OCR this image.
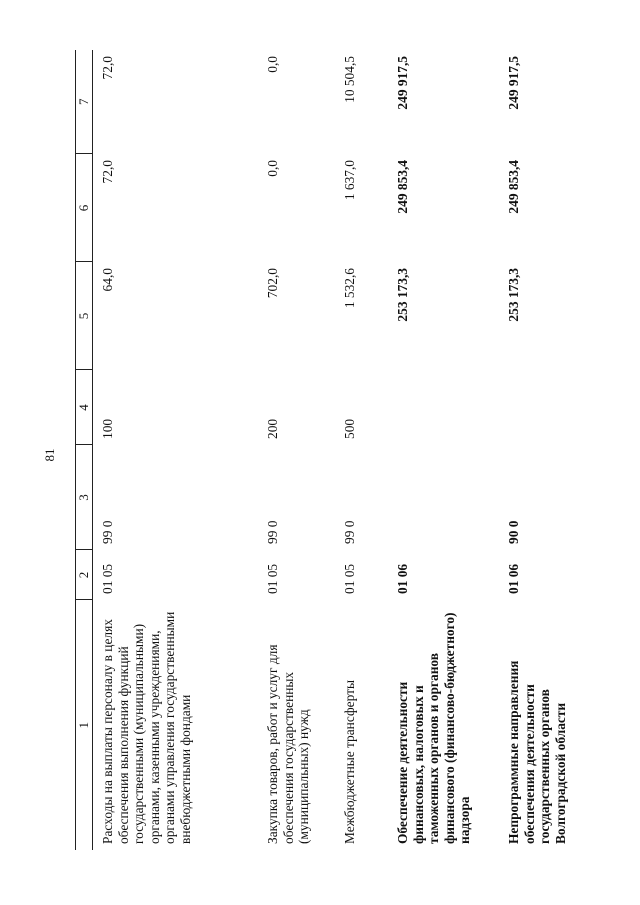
81
1	2	3	4	5	6	7
Расходы на выплаты персоналу в целях обеспечения выполнения функций государственными (муниципальными) органами, казенными учреждениями, органами управления государственными внебюджетными фондами	01 05	99 0	100	64,0	72,0	72,0
Закупка товаров, работ и услуг для обеспечения государственных (муниципальных) нужд	01 05	99 0	200	702,0	0,0	0,0
Межбюджетные трансферты	01 05	99 0	500	1 532,6	1 637,0	10 504,5
Обеспечение деятельности финансовых, налоговых и таможенных органов и органов финансового (финансово-бюджетного) надзора	01 06			253 173,3	249 853,4	249 917,5
Непрограммные направления обеспечения деятельности государственных органов Волгоградской области	01 06	90 0		253 173,3	249 853,4	249 917,5
